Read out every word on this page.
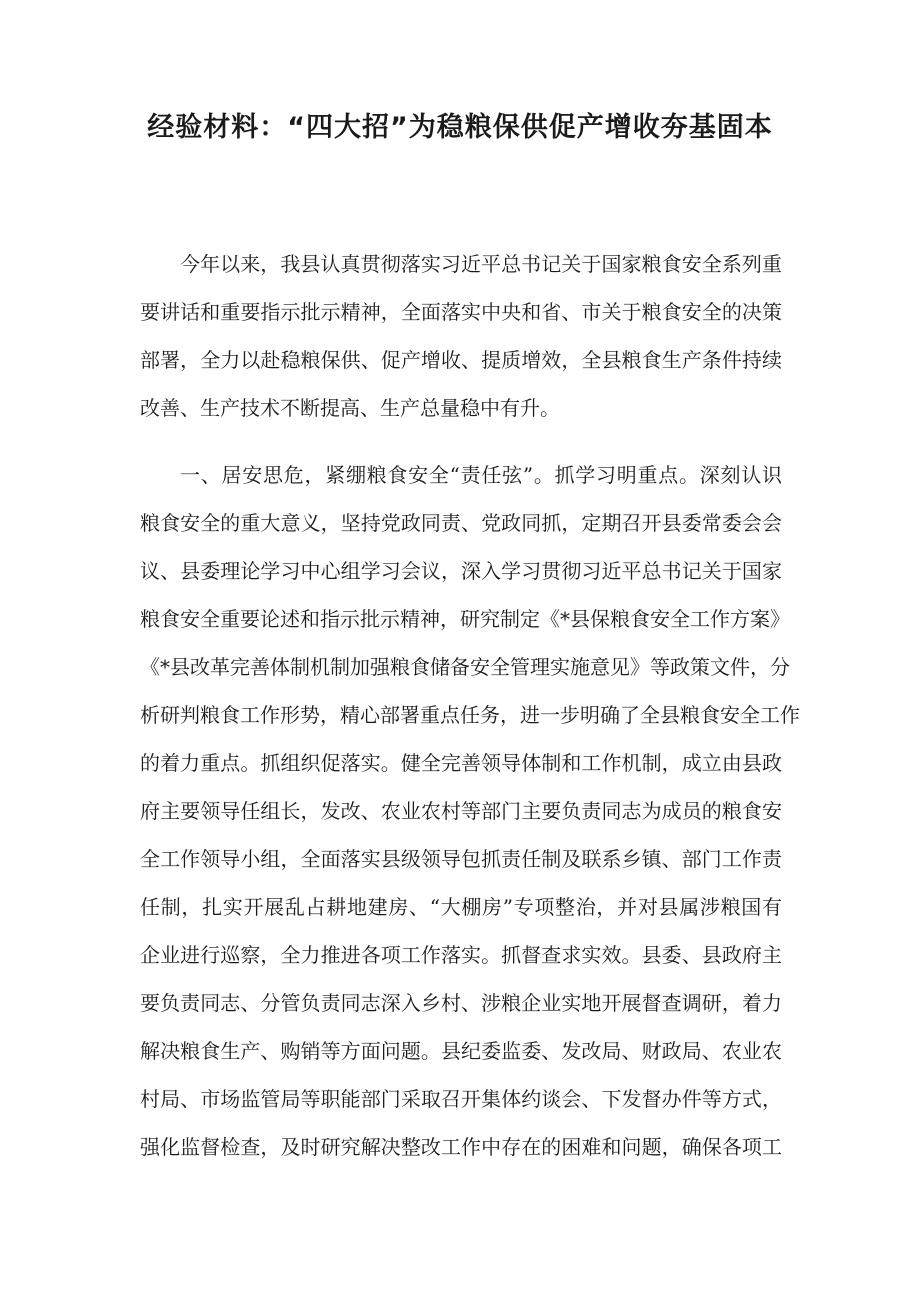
经验材料：“四大招”为稳粮保供促产增收夯基固本
今年以来，我县认真贯彻落实习近平总书记关于国家粮食安全系列重
要讲话和重要指示批示精神，全面落实中央和省、市关于粮食安全的决策
部署，全力以赴稳粮保供、促产增收、提质增效，全县粮食生产条件持续
改善、生产技术不断提高、生产总量稳中有升。
一、居安思危，紧绷粮食安全“责任弦”。抓学习明重点。深刻认识
粮食安全的重大意义，坚持党政同责、党政同抓，定期召开县委常委会会
议、县委理论学习中心组学习会议，深入学习贯彻习近平总书记关于国家
粮食安全重要论述和指示批示精神，研究制定《*县保粮食安全工作方案》
《*县改革完善体制机制加强粮食储备安全管理实施意见》等政策文件，分
析研判粮食工作形势，精心部署重点任务，进一步明确了全县粮食安全工作
的着力重点。抓组织促落实。健全完善领导体制和工作机制，成立由县政
府主要领导任组长，发改、农业农村等部门主要负责同志为成员的粮食安
全工作领导小组，全面落实县级领导包抓责任制及联系乡镇、部门工作责
任制，扎实开展乱占耕地建房、“大棚房”专项整治，并对县属涉粮国有
企业进行巡察，全力推进各项工作落实。抓督查求实效。县委、县政府主
要负责同志、分管负责同志深入乡村、涉粮企业实地开展督查调研，着力
解决粮食生产、购销等方面问题。县纪委监委、发改局、财政局、农业农
村局、市场监管局等职能部门采取召开集体约谈会、下发督办件等方式，
强化监督检查，及时研究解决整改工作中存在的困难和问题，确保各项工
